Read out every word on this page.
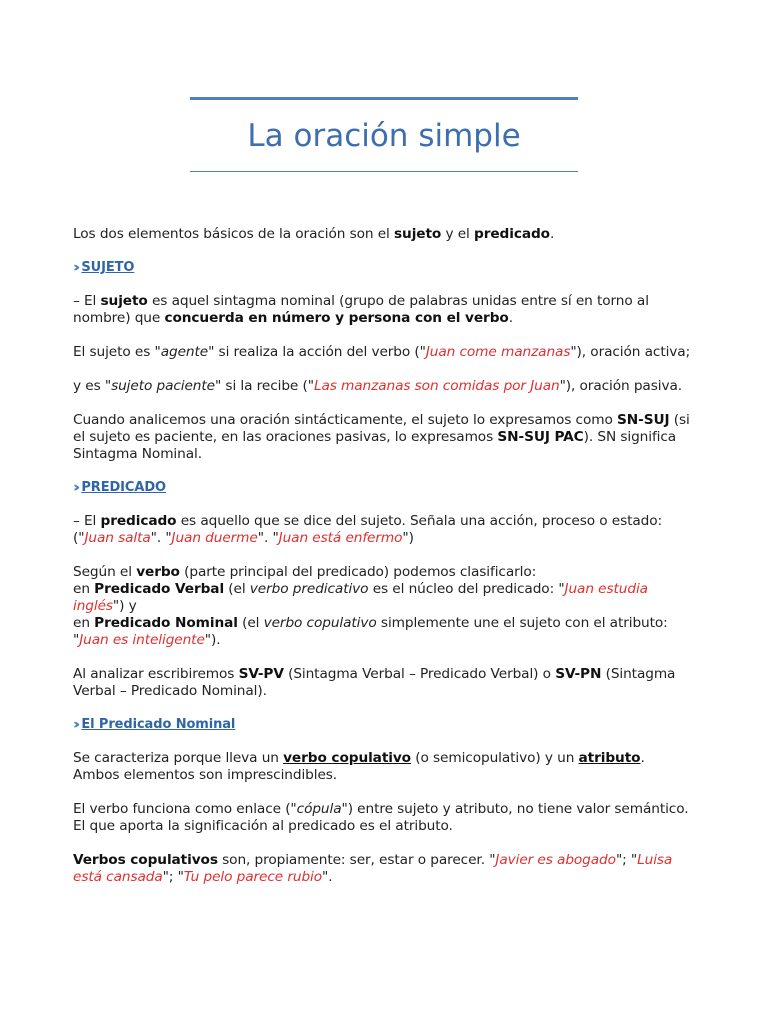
La oración simple

Los dos elementos básicos de la oración son el sujeto y el predicado.

›› SUJETO

– El sujeto es aquel sintagma nominal (grupo de palabras unidas entre sí en torno al nombre) que concuerda en número y persona con el verbo.

El sujeto es "agente" si realiza la acción del verbo ("Juan come manzanas"), oración activa;

y es "sujeto paciente" si la recibe ("Las manzanas son comidas por Juan"), oración pasiva.

Cuando analicemos una oración sintácticamente, el sujeto lo expresamos como SN-SUJ (si el sujeto es paciente, en las oraciones pasivas, lo expresamos SN-SUJ PAC). SN significa Sintagma Nominal.

›› PREDICADO

– El predicado es aquello que se dice del sujeto. Señala una acción, proceso o estado: ("Juan salta". "Juan duerme". "Juan está enfermo")

Según el verbo (parte principal del predicado) podemos clasificarlo:
en Predicado Verbal (el verbo predicativo es el núcleo del predicado: "Juan estudia inglés") y
en Predicado Nominal (el verbo copulativo simplemente une el sujeto con el atributo: "Juan es inteligente").

Al analizar escribiremos SV-PV (Sintagma Verbal – Predicado Verbal) o SV-PN (Sintagma Verbal – Predicado Nominal).

›› El Predicado Nominal

Se caracteriza porque lleva un verbo copulativo (o semicopulativo) y un atributo. Ambos elementos son imprescindibles.

El verbo funciona como enlace ("cópula") entre sujeto y atributo, no tiene valor semántico. El que aporta la significación al predicado es el atributo.

Verbos copulativos son, propiamente: ser, estar o parecer. "Javier es abogado"; "Luisa está cansada"; "Tu pelo parece rubio".
